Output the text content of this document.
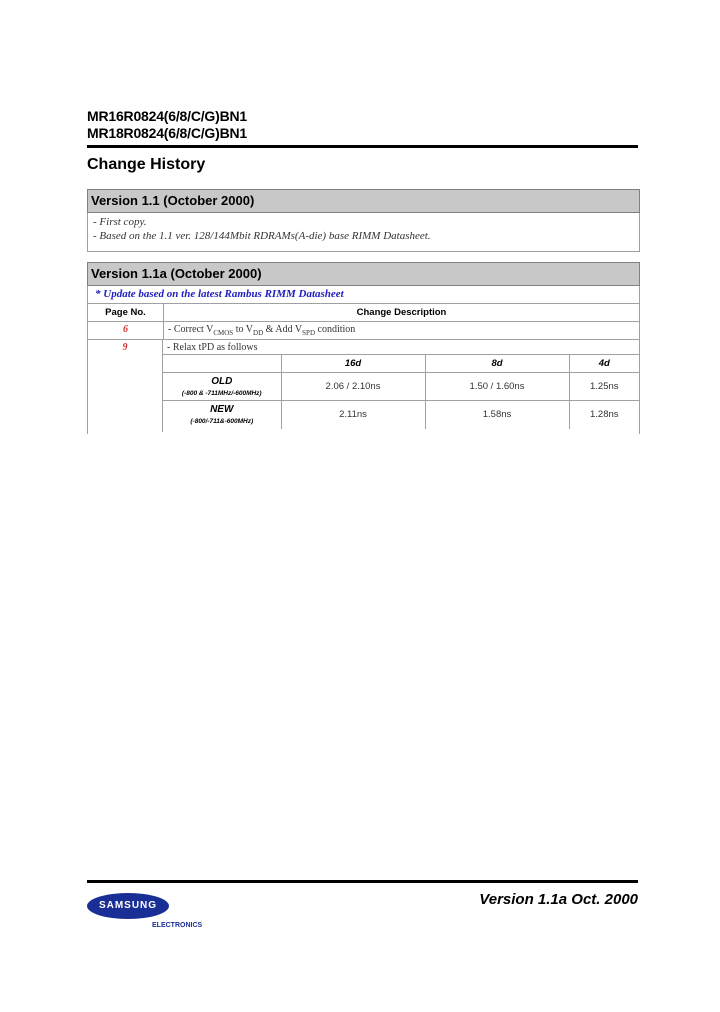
MR16R0824(6/8/C/G)BN1
MR18R0824(6/8/C/G)BN1
Change History
Version 1.1 (October 2000)
- First copy.
- Based on the 1.1 ver. 128/144Mbit RDRAMs(A-die) base RIMM Datasheet.
Version 1.1a (October 2000)
* Update based on the latest Rambus RIMM Datasheet
Page No.	Change Description
6	- Correct $V_{CMOS}$ to $V_{DD}$ & Add $V_{SPD}$ condition
9	- Relax tPD as follows
	16d	8d	4d
OLD
(-800 & -711MHz/-600MHz)	2.06 / 2.10ns	1.50 / 1.60ns	1.25ns
NEW
(-800/-711&-600MHz)	2.11ns	1.58ns	1.28ns
SAMSUNG
ELECTRONICS
Version 1.1a Oct. 2000
